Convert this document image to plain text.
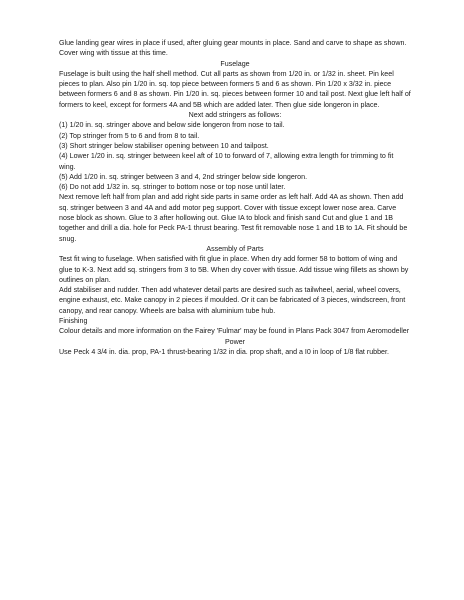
Glue landing gear wires in place if used, after gluing gear mounts in place. Sand and carve to shape as shown. Cover wing with tissue at this time.

Fuselage

Fuselage is built using the half shell method. Cut all parts as shown from 1/20 in. or 1/32 in. sheet. Pin keel pieces to plan. Also pin 1/20 in. sq. top piece between formers 5 and 6 as shown. Pin 1/20 x 3/32 in. piece between formers 6 and 8 as shown. Pin 1/20 in. sq. pieces between former 10 and tail post. Next glue left half of formers to keel, except for formers 4A and 5B which are added later. Then glue side longeron in place.

Next add stringers as follows:

(1) 1/20 in. sq. stringer above and below side longeron from nose to tail.

(2) Top stringer from 5 to 6 and from 8 to tail.

(3) Short stringer below stabiliser opening between 10 and tailpost.

(4) Lower 1/20 in. sq. stringer between keel aft of 10 to forward of 7, allowing extra length for trimming to fit wing.

(5) Add 1/20 in. sq. stringer between 3 and 4, 2nd stringer below side longeron.

(6) Do not add 1/32 in. sq. stringer to bottom nose or top nose until later.

Next remove left half from plan and add right side parts in same order as left half. Add 4A as shown. Then add sq. stringer between 3 and 4A and add motor peg support. Cover with tissue except lower nose area. Carve nose block as shown. Glue to 3 after hollowing out. Glue IA to block and finish sand Cut and glue 1 and 1B together and drill a dia. hole for Peck PA-1 thrust bearing. Test fit removable nose 1 and 1B to 1A. Fit should be snug.

Assembly of Parts

Test fit wing to fuselage. When satisfied with fit glue in place. When dry add former 58 to bottom of wing and glue to K-3. Next add sq. stringers from 3 to 5B. When dry cover with tissue. Add tissue wing fillets as shown by outlines on plan.

Add stabiliser and rudder. Then add whatever detail parts are desired such as tailwheel, aerial, wheel covers, engine exhaust, etc. Make canopy in 2 pieces if moulded. Or it can be fabricated of 3 pieces, windscreen, front canopy, and rear canopy. Wheels are balsa with aluminium tube hub.

Finishing

Colour details and more information on the Fairey 'Fulmar' may be found in Plans Pack 3047 from Aeromodeller

Power

Use Peck 4 3/4 in. dia. prop, PA-1 thrust-bearing 1/32 in dia. prop shaft, and a I0 in loop of 1/8 flat rubber.
